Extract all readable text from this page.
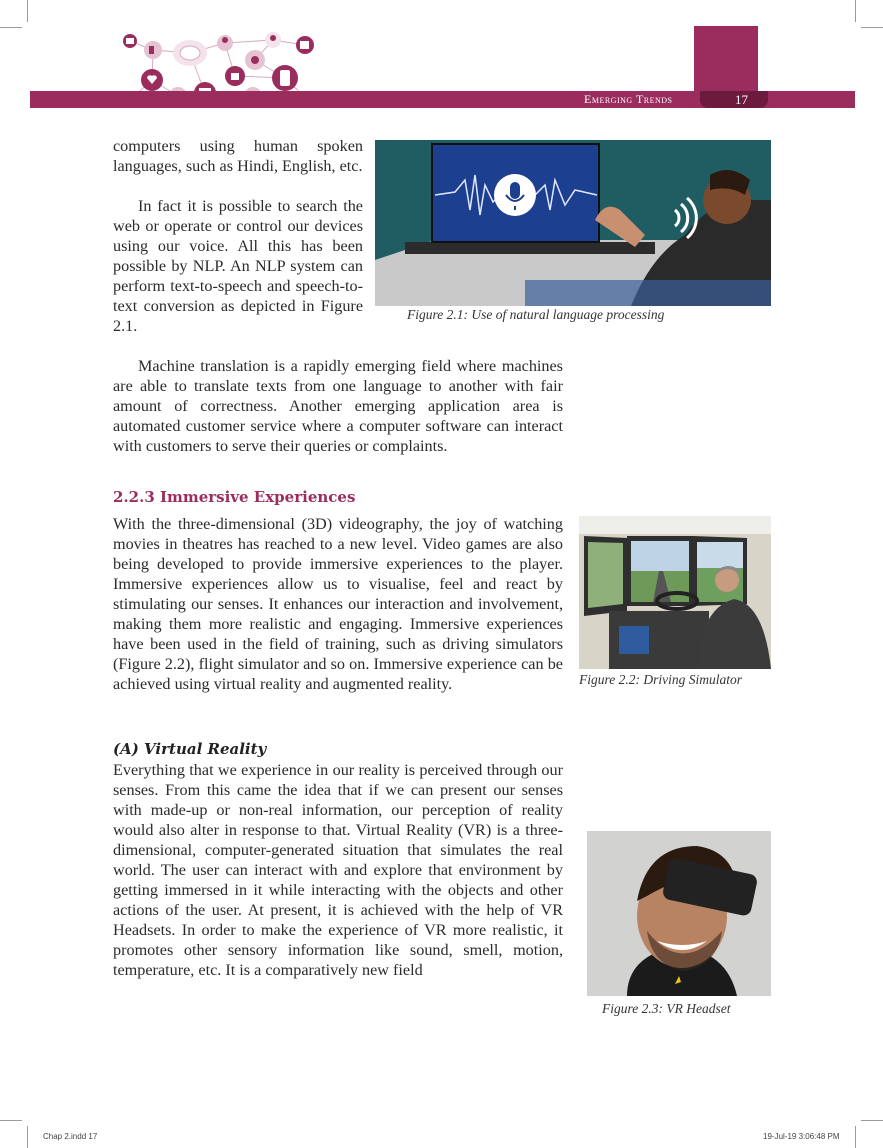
Emerging Trends	17
Figure 2.1: Use of natural language processing

computers using human spoken languages, such as Hindi, English, etc.

In fact it is possible to search the web or operate or control our devices using our voice. All this has been possible by NLP. An NLP system can perform text-to-speech and speech-to-text conversion as depicted in Figure 2.1.

Machine translation is a rapidly emerging field where machines are able to translate texts from one language to another with fair amount of correctness. Another emerging application area is automated customer service where a computer software can interact with customers to serve their queries or complaints.

2.2.3 Immersive Experiences

With the three-dimensional (3D) videography, the joy of watching movies in theatres has reached to a new level. Video games are also being developed to provide immersive experiences to the player. Immersive experiences allow us to visualise, feel and react by stimulating our senses. It enhances our interaction and involvement, making them more realistic and engaging. Immersive experiences have been used in the field of training, such as driving simulators (Figure 2.2), flight simulator and so on. Immersive experience can be achieved using virtual reality and augmented reality.	Figure 2.2: Driving Simulator
(A) Virtual Reality

Everything that we experience in our reality is perceived through our senses. From this came the idea that if we can present our senses with made-up or non-real information, our perception of reality would also alter in response to that. Virtual Reality (VR) is a three-dimensional, computer-generated situation that simulates the real world. The user can interact with and explore that environment by getting immersed in it while interacting with the objects and other actions of the user. At present, it is achieved with the help of VR Headsets. In order to make the experience of VR more realistic, it promotes other sensory information like sound, smell, motion, temperature, etc. It is a comparatively new field

Figure 2.3: VR Headset
Chap 2.indd 17	19-Jul-19 3:06:48 PM
